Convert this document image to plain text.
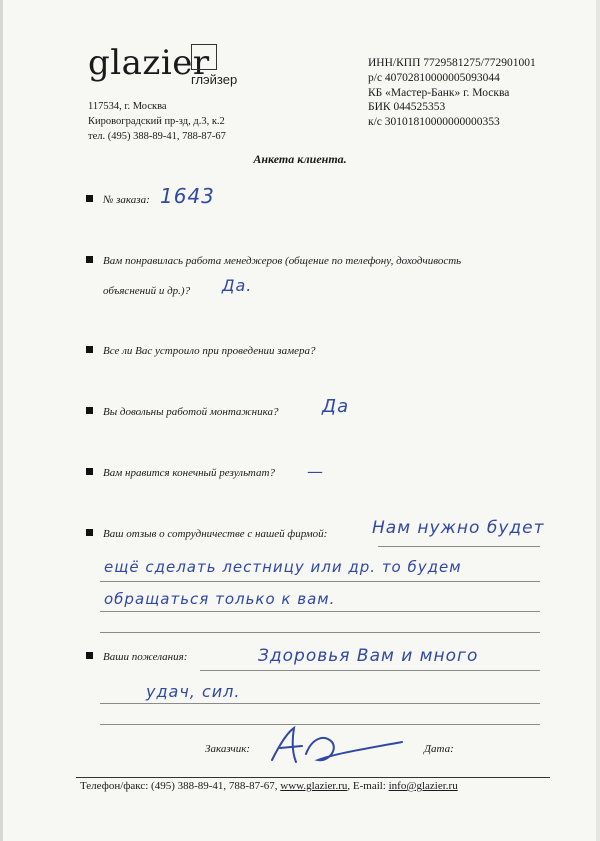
glazier
глэйзер
117534, г. Москва
Кировоградский пр-зд, д.3, к.2
тел. (495) 388-89-41, 788-87-67
ИНН/КПП 7729581275/772901001
р/с 40702810000005093044
КБ «Мастер-Банк» г. Москва
БИК 044525353
к/с 30101810000000000353
Анкета клиента.
№ заказа: 1643
Вам понравилась работа менеджеров (общение по телефону, доходчивость
объяснений и др.)? Да.
Все ли Вас устроило при проведении замера?
Вы довольны работой монтажника? Да
Вам нравится конечный результат? —
Ваш отзыв о сотрудничестве с нашей фирмой:	Нам нужно будет
ещё сделать лестницу или др. то будем
обращаться только к вам.
Ваши пожелания:	Здоровья Вам и много
удач, сил.
Заказчик:	Дата:
Телефон/факс: (495) 388-89-41, 788-87-67, www.glazier.ru, E-mail: info@glazier.ru
